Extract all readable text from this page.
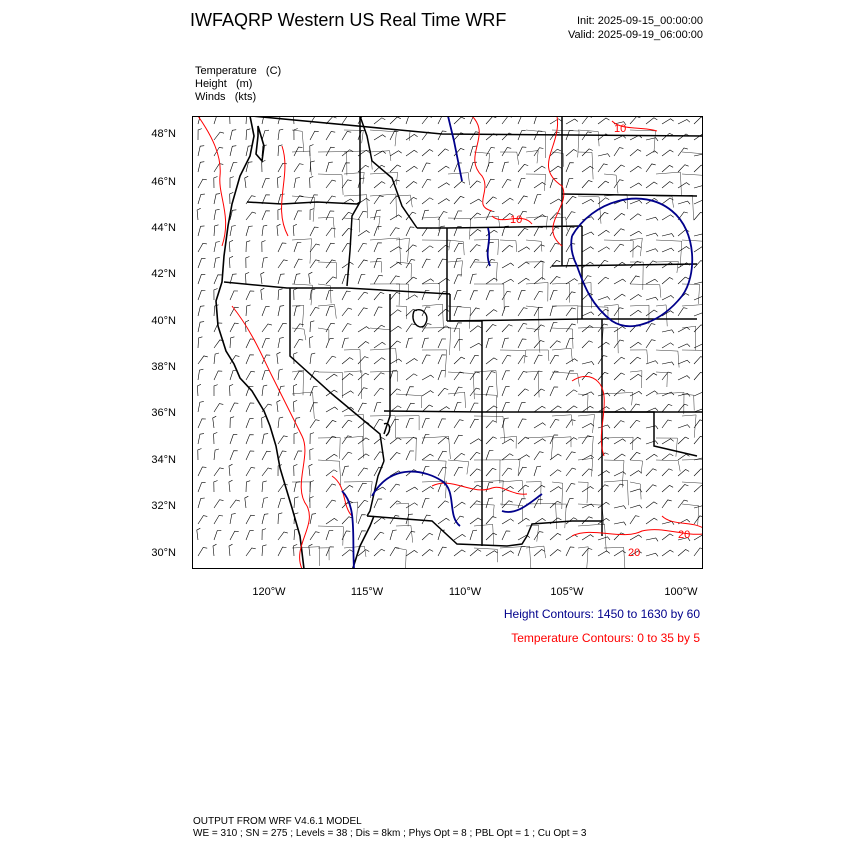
IWFAQRP Western US Real Time WRF	Init: 2025-09-15_00:00:00
Valid: 2025-09-19_06:00:00
Temperature   (C)
Height   (m)
Winds   (kts)
48°N
46°N
44°N
42°N
40°N
38°N
36°N
34°N
32°N
30°N
120°W	115°W	110°W	105°W	100°W
Height Contours: 1450 to 1630 by 60
Temperature Contours: 0 to 35 by 5
10
10
20
20
OUTPUT FROM WRF V4.6.1 MODEL
WE = 310 ; SN = 275 ; Levels = 38 ; Dis = 8km ; Phys Opt = 8 ; PBL Opt = 1 ; Cu Opt = 3
